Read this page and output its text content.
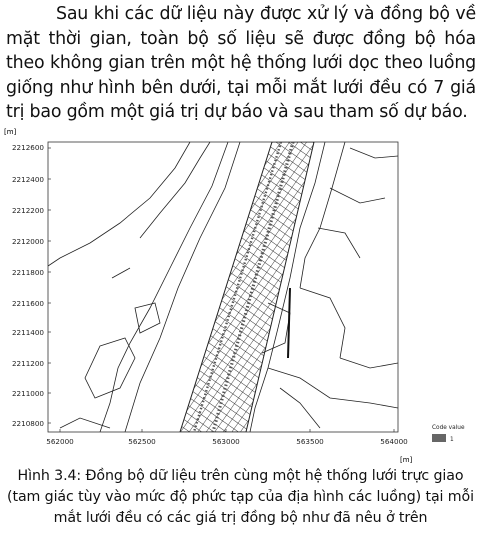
Sau khi các dữ liệu này được xử lý và đồng bộ về mặt thời gian, toàn bộ số liệu sẽ được đồng bộ hóa theo không gian trên một hệ thống lưới dọc theo luồng giống như hình bên dưới, tại mỗi mắt lưới đều có 7 giá trị bao gồm một giá trị dự báo và sau tham số dự báo.
[m]
[m]
2212600
2212400
2212200
2212000
2211800
2211600
2211400
2211200
2211000
2210800
562000	562500	563000	563500	564000
Code value
1
Hình 3.4: Đồng bộ dữ liệu trên cùng một hệ thống lưới trực giao (tam giác tùy vào mức độ phức tạp của địa hình các luồng) tại mỗi mắt lưới đều có các giá trị đồng bộ như đã nêu ở trên
